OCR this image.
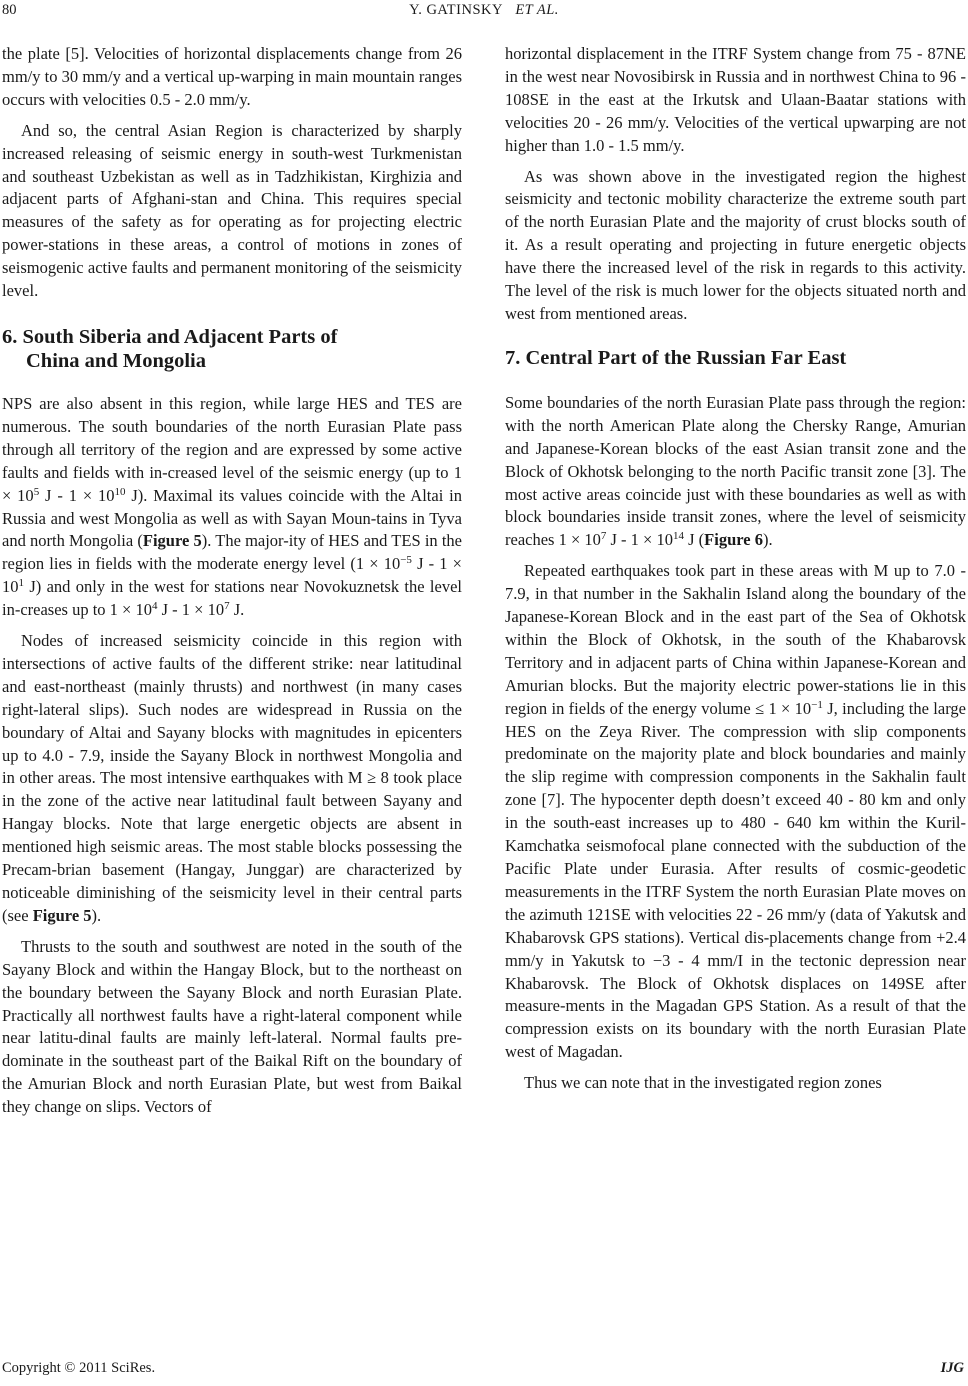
80	Y. GATINSKY ET AL.

the plate [5]. Velocities of horizontal displacements change from 26 mm/y to 30 mm/y and a vertical up-warping in main mountain ranges occurs with velocities 0.5 - 2.0 mm/y.

And so, the central Asian Region is characterized by sharply increased releasing of seismic energy in south-west Turkmenistan and southeast Uzbekistan as well as in Tadzhikistan, Kirghizia and adjacent parts of Afghani-stan and China. This requires special measures of the safety as for operating as for projecting electric power-stations in these areas, a control of motions in zones of seismogenic active faults and permanent monitoring of the seismicity level.

6. South Siberia and Adjacent Parts of
China and Mongolia

NPS are also absent in this region, while large HES and TES are numerous. The south boundaries of the north Eurasian Plate pass through all territory of the region and are expressed by some active faults and fields with in-creased level of the seismic energy (up to $1 \times 10^5$ $J - 1 \times 10^{10}$ J). Maximal its values coincide with the Altai in Russia and west Mongolia as well as with Sayan Moun-tains in Tyva and north Mongolia (Figure 5). The major-ity of HES and TES in the region lies in fields with the moderate energy level ($1 \times 10^{-5}$ $J - 1 \times 10^1$ J) and only in the west for stations near Novokuznetsk the level in-creases up to $1 \times 10^4$ $J - 1 \times 10^7$ J.

Nodes of increased seismicity coincide in this region with intersections of active faults of the different strike: near latitudinal and east-northeast (mainly thrusts) and northwest (in many cases right-lateral slips). Such nodes are widespread in Russia on the boundary of Altai and Sayany blocks with magnitudes in epicenters up to 4.0 - 7.9, inside the Sayany Block in northwest Mongolia and in other areas. The most intensive earthquakes with M ≥ 8 took place in the zone of the active near latitudinal fault between Sayany and Hangay blocks. Note that large energetic objects are absent in mentioned high seismic areas. The most stable blocks possessing the Precam-brian basement (Hangay, Junggar) are characterized by noticeable diminishing of the seismicity level in their central parts (see Figure 5).

Thrusts to the south and southwest are noted in the south of the Sayany Block and within the Hangay Block, but to the northeast on the boundary between the Sayany Block and north Eurasian Plate. Practically all northwest faults have a right-lateral component while near latitu-dinal faults are mainly left-lateral. Normal faults pre-dominate in the southeast part of the Baikal Rift on the boundary of the Amurian Block and north Eurasian Plate, but west from Baikal they change on slips. Vectors of

horizontal displacement in the ITRF System change from 75 - 87NE in the west near Novosibirsk in Russia and in northwest China to 96 - 108SE in the east at the Irkutsk and Ulaan-Baatar stations with velocities 20 - 26 mm/y. Velocities of the vertical upwarping are not higher than 1.0 - 1.5 mm/y.

As was shown above in the investigated region the highest seismicity and tectonic mobility characterize the extreme south part of the north Eurasian Plate and the majority of crust blocks south of it. As a result operating and projecting in future energetic objects have there the increased level of the risk in regards to this activity. The level of the risk is much lower for the objects situated north and west from mentioned areas.

7. Central Part of the Russian Far East

Some boundaries of the north Eurasian Plate pass through the region: with the north American Plate along the Chersky Range, Amurian and Japanese-Korean blocks of the east Asian transit zone and the Block of Okhotsk belonging to the north Pacific transit zone [3]. The most active areas coincide just with these boundaries as well as with block boundaries inside transit zones, where the level of seismicity reaches $1 \times 10^7$ $J - 1 \times 10^{14}$ J (Figure 6).

Repeated earthquakes took part in these areas with M up to 7.0 - 7.9, in that number in the Sakhalin Island along the boundary of the Japanese-Korean Block and in the east part of the Sea of Okhotsk within the Block of Okhotsk, in the south of the Khabarovsk Territory and in adjacent parts of China within Japanese-Korean and Amurian blocks. But the majority electric power-stations lie in this region in fields of the energy volume ≤ $1 \times 10^{-1}$ J, including the large HES on the Zeya River. The compression with slip components predominate on the majority plate and block boundaries and mainly the slip regime with compression components in the Sakhalin fault zone [7]. The hypocenter depth doesn’t exceed 40 - 80 km and only in the south-east increases up to 480 - 640 km within the Kuril-Kamchatka seismofocal plane connected with the subduction of the Pacific Plate under Eurasia. After results of cosmic-geodetic measurements in the ITRF System the north Eurasian Plate moves on the azimuth 121SE with velocities 22 - 26 mm/y (data of Yakutsk and Khabarovsk GPS stations). Vertical dis-placements change from +2.4 mm/y in Yakutsk to −3 - 4 mm/I in the tectonic depression near Khabarovsk. The Block of Okhotsk displaces on 149SE after measure-ments in the Magadan GPS Station. As a result of that the compression exists on its boundary with the north Eurasian Plate west of Magadan.

Thus we can note that in the investigated region zones

Copyright © 2011 SciRes.	IJG
